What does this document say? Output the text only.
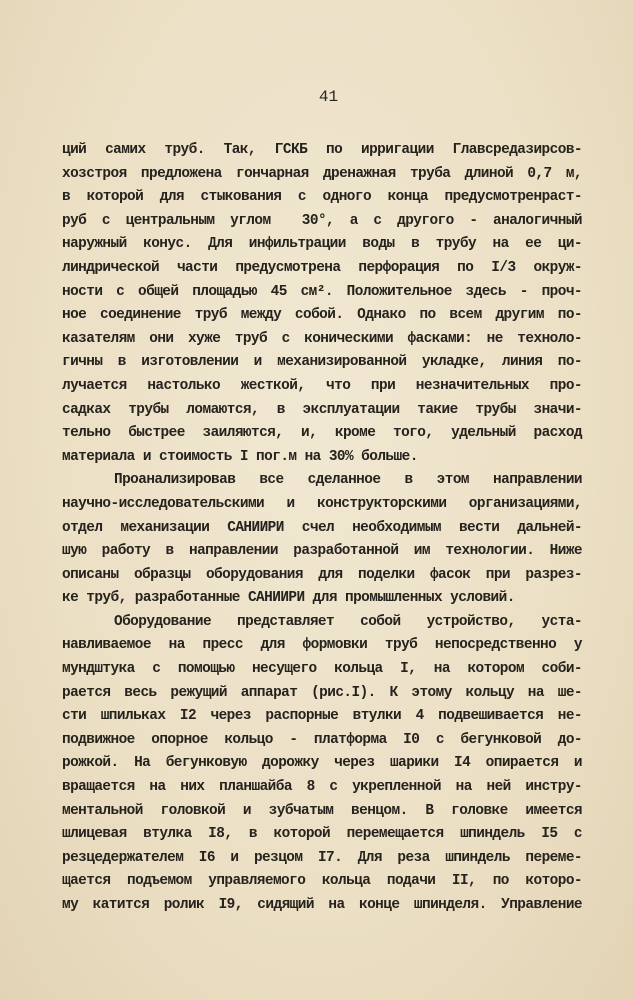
41
ций самих труб. Так, ГСКБ по ирригации Главсредазирсов-
хозстроя предложена гончарная дренажная труба длиной 0,7 м,
в которой для стыкования с одного конца предусмотренраст-
руб с центральным углом  30°, а с другого - аналогичный
наружный конус. Для инфильтрации воды в трубу на ее ци-
линдрической части предусмотрена перфорация по I/3 окруж-
ности с общей площадью 45 см². Положительное здесь - проч-
ное соединение труб между собой. Однако по всем другим по-
казателям они хуже труб с коническими фасками: не техноло-
гичны в изготовлении и механизированной укладке, линия по-
лучается настолько жесткой, что при незначительных про-
садках трубы ломаются, в эксплуатации такие трубы значи-
тельно быстрее заиляются, и, кроме того, удельный расход
материала и стоимость I пог.м на 30% больше.
Проанализировав все сделанное в этом направлении
научно-исследовательскими и конструкторскими организациями,
отдел механизации САНИИРИ счел необходимым вести дальней-
шую работу в направлении разработанной им технологии. Ниже
описаны образцы оборудования для поделки фасок при разрез-
ке труб, разработанные САНИИРИ для промышленных условий.
Оборудование представляет собой устройство, уста-
навливаемое на пресс для формовки труб непосредственно у
мундштука с помощью несущего кольца I, на котором соби-
рается весь режущий аппарат (рис.I). К этому кольцу на ше-
сти шпильках I2 через распорные втулки 4 подвешивается не-
подвижное опорное кольцо - платформа I0 с бегунковой до-
рожкой. На бегунковую дорожку через шарики I4 опирается и
вращается на них планшайба 8 с укрепленной на ней инстру-
ментальной головкой и зубчатым венцом. В головке имеется
шлицевая втулка I8, в которой перемещается шпиндель I5 с
резцедержателем I6 и резцом I7. Для реза шпиндель переме-
щается подъемом управляемого кольца подачи II, по которо-
му катится ролик I9, сидящий на конце шпинделя. Управление
